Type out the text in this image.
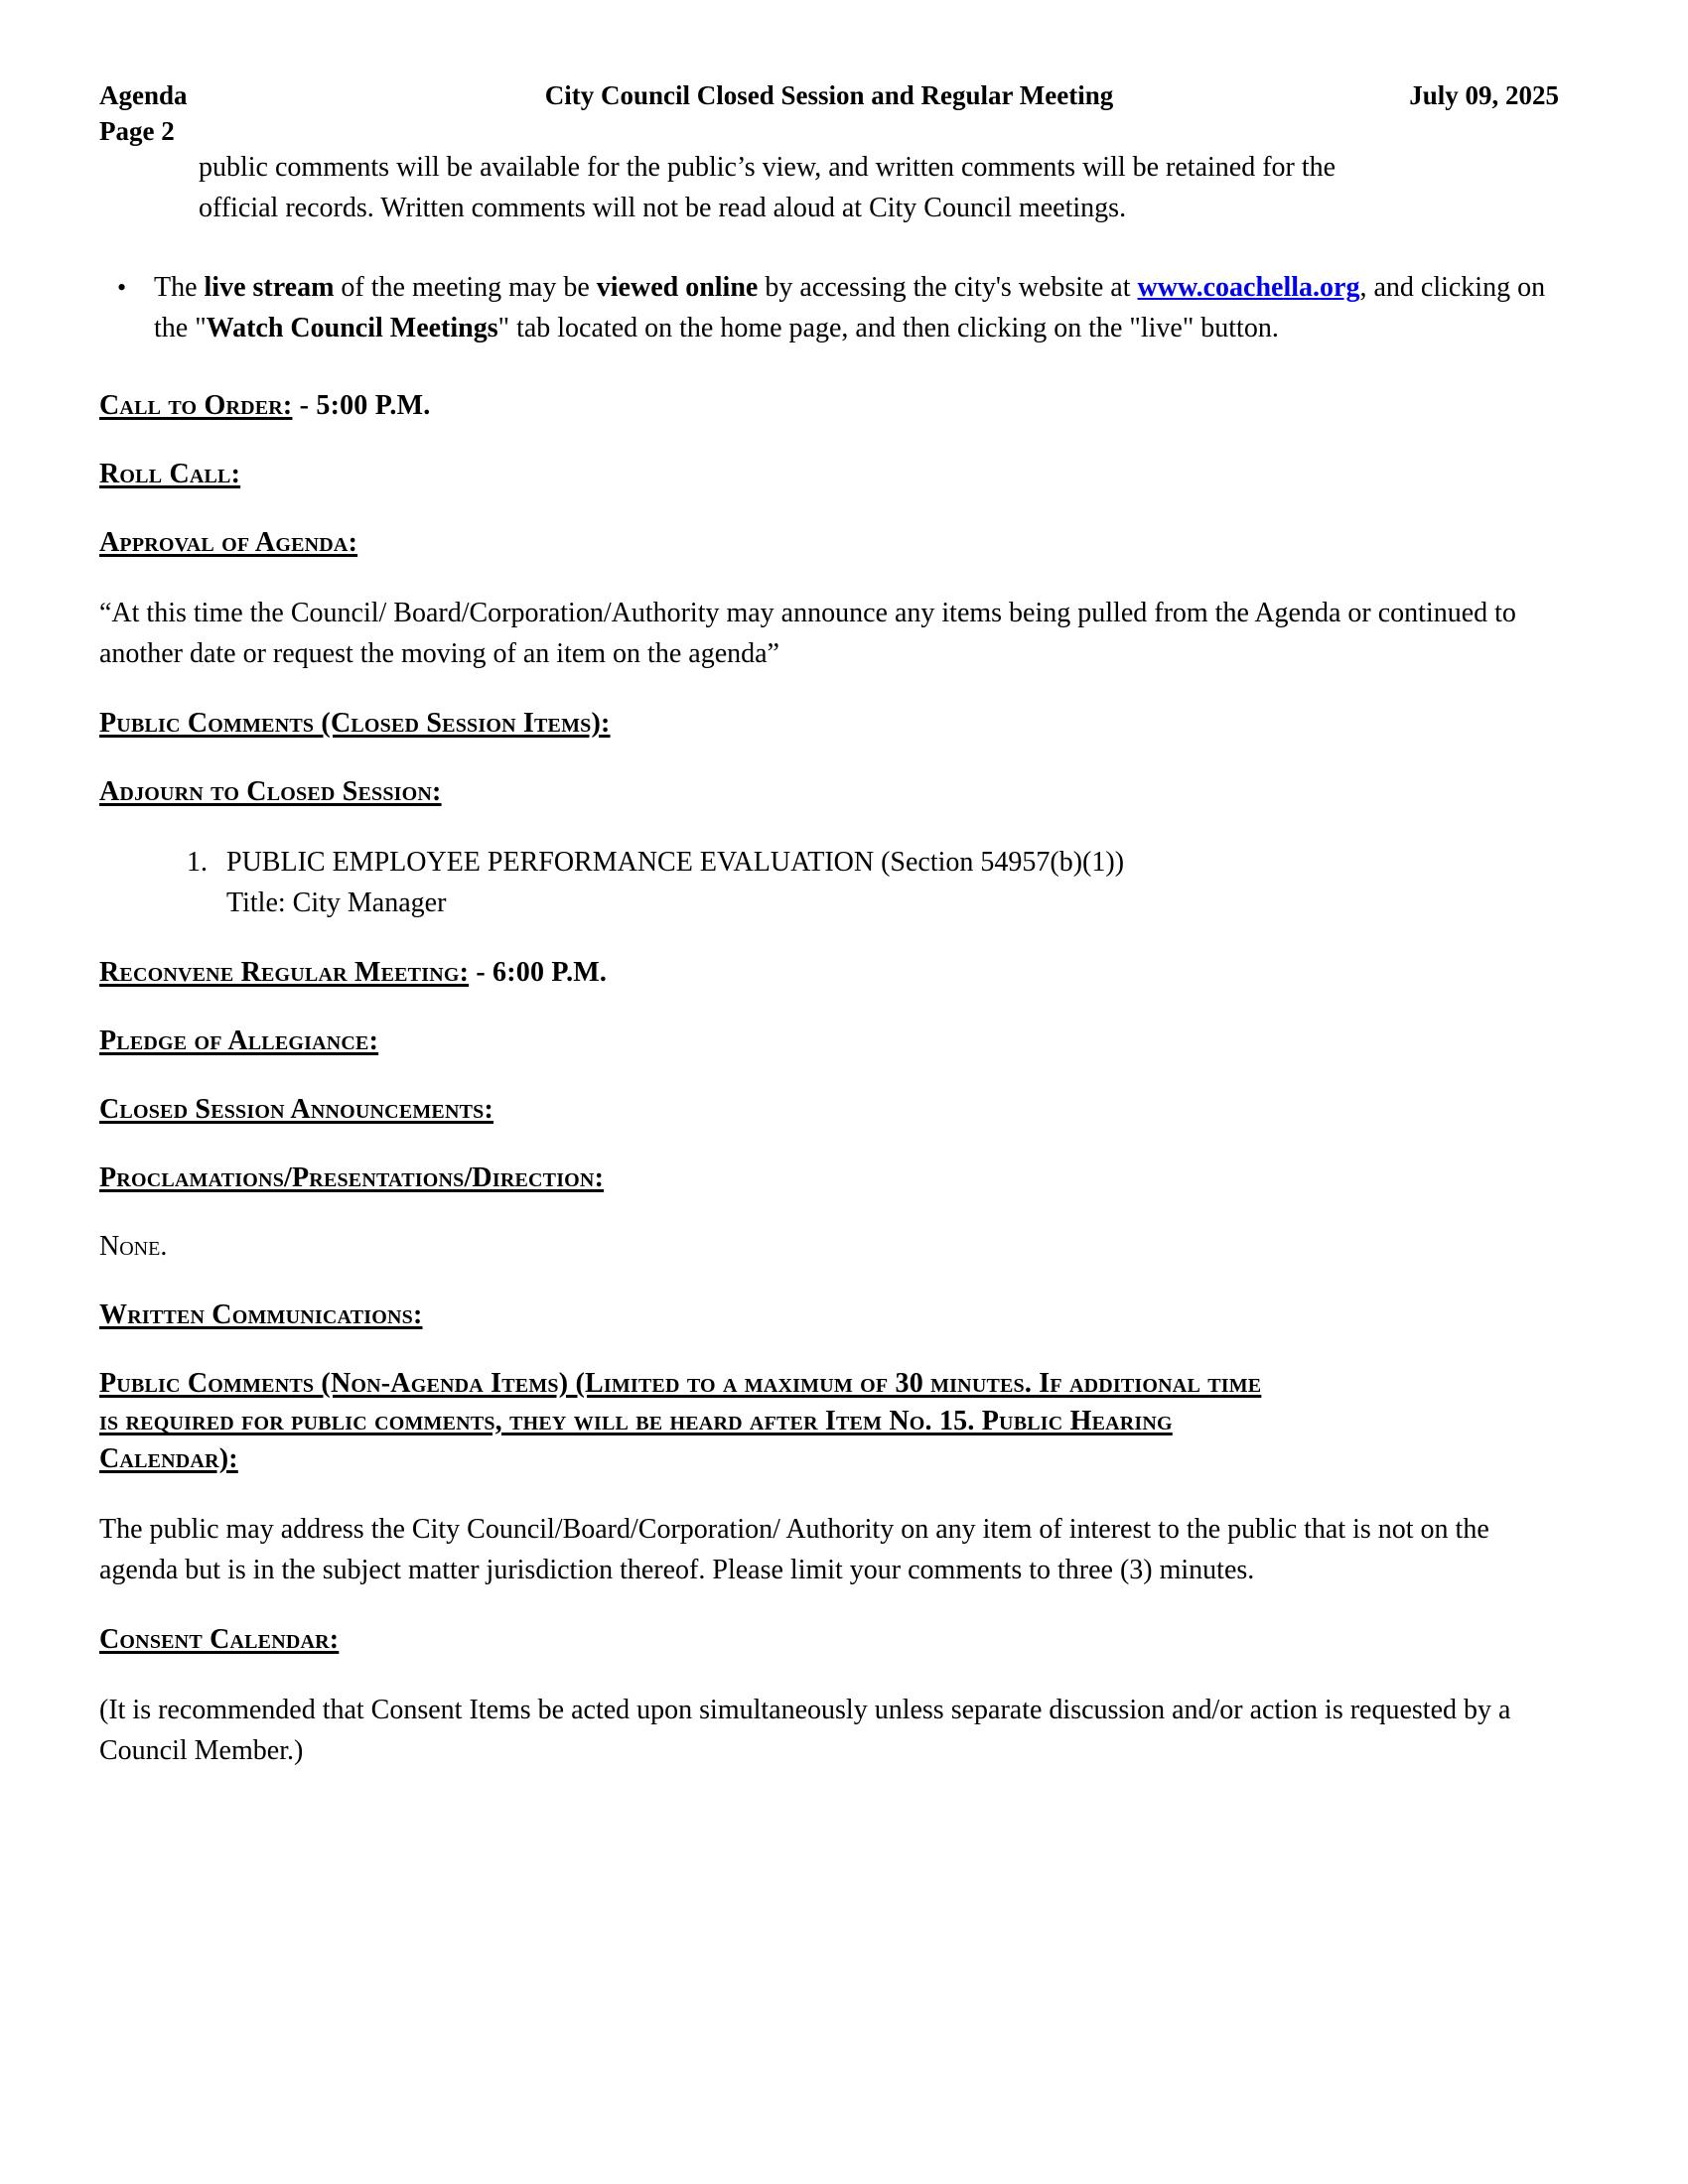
Agenda	City Council Closed Session and Regular Meeting	July 09, 2025
Page 2

public comments will be available for the public’s view, and written comments will be retained for the

official records. Written comments will not be read aloud at City Council meetings.

• The live stream of the meeting may be viewed online by accessing the city's website at www.coachella.org, and clicking on the "Watch Council Meetings" tab located on the home page, and then clicking on the "live" button.

Call to Order: - 5:00 P.M.

Roll Call:

Approval of Agenda:

“At this time the Council/ Board/Corporation/Authority may announce any items being pulled from the Agenda or continued to another date or request the moving of an item on the agenda”

Public Comments (Closed Session Items):

Adjourn to Closed Session:

1. PUBLIC EMPLOYEE PERFORMANCE EVALUATION (Section 54957(b)(1))
Title: City Manager

Reconvene Regular Meeting: - 6:00 P.M.

Pledge of Allegiance:

Closed Session Announcements:

Proclamations/Presentations/Direction:

None.

Written Communications:

Public Comments (Non-Agenda Items) (Limited to a maximum of 30 minutes. If additional time
is required for public comments, they will be heard after Item No. 15. Public Hearing
Calendar):

The public may address the City Council/Board/Corporation/ Authority on any item of interest to the public that is not on the agenda but is in the subject matter jurisdiction thereof. Please limit your comments to three (3) minutes.

Consent Calendar:

(It is recommended that Consent Items be acted upon simultaneously unless separate discussion and/or action is requested by a Council Member.)
